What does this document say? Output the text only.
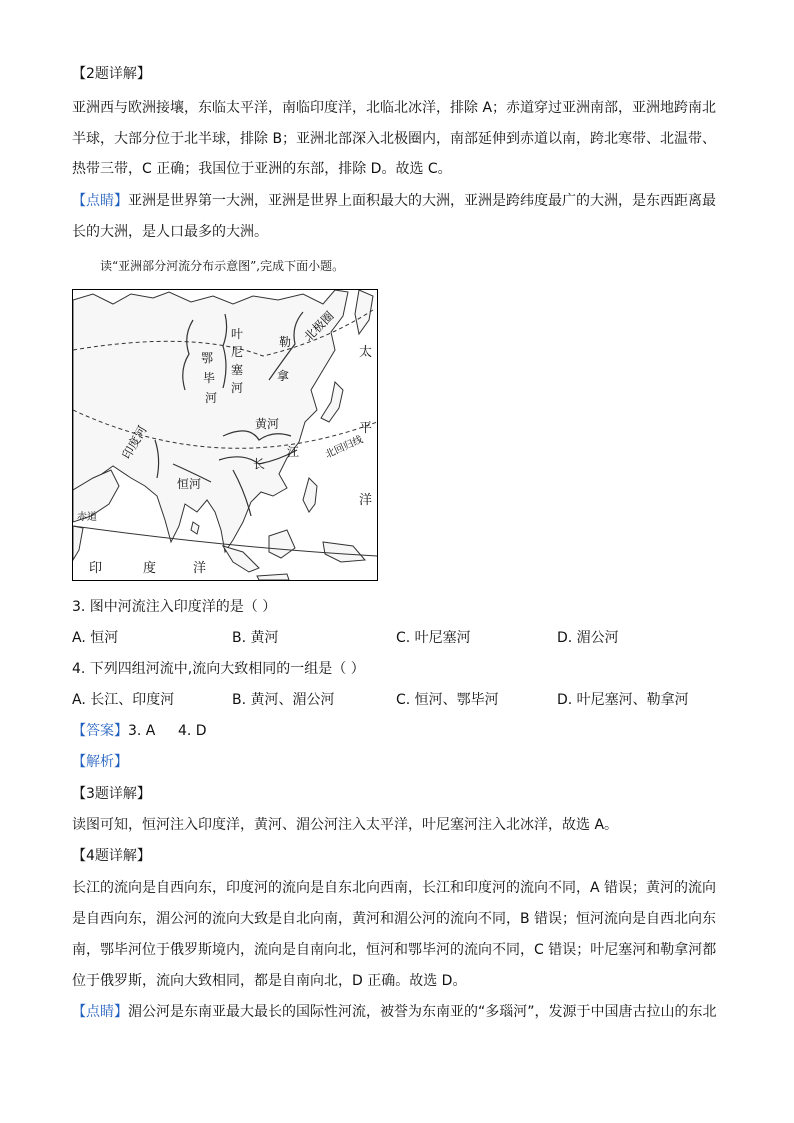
【2题详解】
亚洲西与欧洲接壤，东临太平洋，南临印度洋，北临北冰洋，排除 A；赤道穿过亚洲南部，亚洲地跨南北
半球，大部分位于北半球，排除 B；亚洲北部深入北极圈内，南部延伸到赤道以南，跨北寒带、北温带、
热带三带，C 正确；我国位于亚洲的东部，排除 D。故选 C。
【点睛】亚洲是世界第一大洲，亚洲是世界上面积最大的大洲，亚洲是跨纬度最广的大洲，是东西距离最
长的大洲，是人口最多的大洲。
读“亚洲部分河流分布示意图”,完成下面小题。
鄂
毕
河
叶
尼
塞
河
勒
拿
北极圈
太
平
洋
黄河
长
江
印度河
恒河
北回归线
赤道
印	度	洋
3. 图中河流注入印度洋的是（ ）
A. 恒河	B. 黄河	C. 叶尼塞河	D. 湄公河
4. 下列四组河流中,流向大致相同的一组是（ ）
A. 长江、印度河	B. 黄河、湄公河	C. 恒河、鄂毕河	D. 叶尼塞河、勒拿河
【答案】 3. A 4. D
【解析】
【3题详解】
读图可知，恒河注入印度洋，黄河、湄公河注入太平洋，叶尼塞河注入北冰洋，故选 A。
【4题详解】
长江的流向是自西向东，印度河的流向是自东北向西南，长江和印度河的流向不同，A 错误；黄河的流向
是自西向东，湄公河的流向大致是自北向南，黄河和湄公河的流向不同，B 错误；恒河流向是自西北向东
南，鄂毕河位于俄罗斯境内，流向是自南向北，恒河和鄂毕河的流向不同，C 错误；叶尼塞河和勒拿河都
位于俄罗斯，流向大致相同，都是自南向北，D 正确。故选 D。
【点睛】湄公河是东南亚最大最长的国际性河流，被誉为东南亚的“多瑙河”，发源于中国唐古拉山的东北
